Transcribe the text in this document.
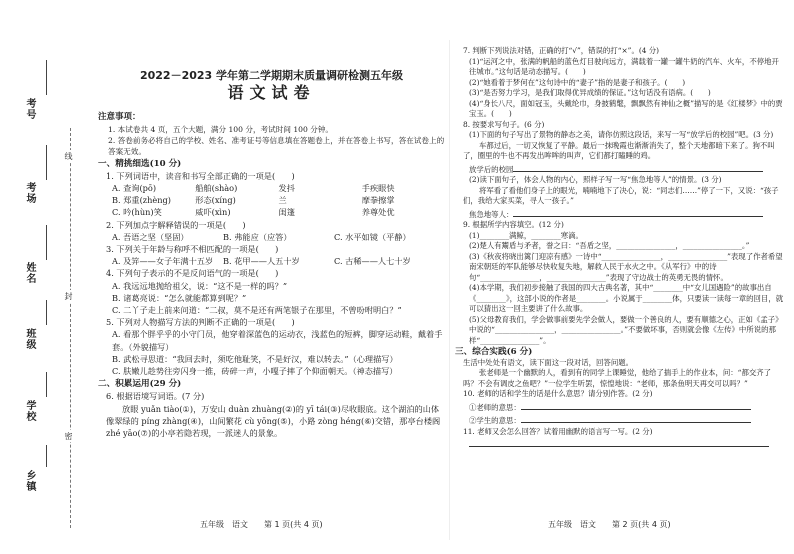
线
封
密
考号
考场
姓名
班级
学校
乡镇
2022－2023 学年第二学期期末质量调研检测五年级
语文试卷
注意事项：
1. 本试卷共 4 页，五个大题，满分 100 分，考试时间 100 分钟。
2. 答卷前务必将自己的学校、姓名、准考证号等信息填在答题卷上，并在答卷上书写，答在试卷上的答案无效。
一、精挑细选(10 分)
1. 下列词语中，读音和书写全部正确的一项是(　　)
A. 查询(pō)	船舶(shào)	发抖	手疾眼快
B. 郑重(zhèng)	形态(xíng)	兰	摩拳擦掌
C. 吟(hùn)笑	威吓(xìn)	闺篷	养尊处优
2. 下列加点字解释错误的一项是(　　)
A. 吾语之坚（坚固）	B. 弗能应（应答）	C. 水平如镜（平静）
3. 下列关于年龄与称呼不相匹配的一项是(　　)
A. 及笄——女子年满十五岁	B. 花甲——人五十岁	C. 古稀——人七十岁
4. 下列句子表示的不是反问语气的一项是(　　)
A. 我远远地抛给祖父，说：“这不是一样的吗？”
B. 诸葛亮说：“怎么就能都算到呢？”
C. 二丫子走上前来问道：“二叔，莫不是还有两笔银子在那里，不曾吩咐明白？”
5. 下列对人物描写方法的判断不正确的一项是(　　)
A. 看那个胖乎乎的小守门员，他穿着深蓝色的运动衣，浅蓝色的短裤，脚穿运动鞋，戴着手套。（外貌描写）
B. 武松寻思道：“我回去时，须吃他耻笑，不是好汉，难以转去。”（心理描写）
C. 肤嫩儿趁势往旁闪身一推，砖碎一声，小嘎子摔了个仰面朝天。（神态描写）
二、积累运用(29 分)
6. 根据语境写词语。(7 分)
放眼 yuǎn tiào(①)，万安山 duàn zhuàng(②)的 yī tái(③)尽收眼底。这个湖泊的山体像翠绿的 píng zhàng(④)，山间繁花 cù yōng(⑤)，小路 zòng héng(⑥)交错，那亭台楼阁 zhé yāo(⑦)的小亭若隐若现，一派迷人的景象。
五年级　语文　　第 1 页(共 4 页)
7. 判断下列说法对错，正确的打“√”，错误的打“×”。(4 分)
(1)“运河之中，张满的帆船的蓝色灯目驶向远方，满载着一罐一罐牛奶的汽车、火车，不停地开往城市。”这句话是动态描写。(　　)
(2)“她看着于梦何在”这句诗中的“妻子”指的是妻子和孩子。(　　)
(3)“是否努力学习，是我们取得优异成绩的保证。”这句话没有语病。(　　)
(4)“身长八尺，面如冠玉，头戴纶巾，身披鹤氅，飘飘然有神仙之概”描写的是《红楼梦》中的贾宝玉。(　　)
8. 按要求写句子。(6 分)
(1)下面的句子写出了景物的静态之美，请你仿照这段话，来写一写“放学后的校园”吧。(3 分)
车都过后，一切又恢复了平静。最后一抹晚霞也渐渐消失了，整个天地都暗下来了。狗不叫了，圈里的牛也不再发出哞哞的叫声，它们都打瞌睡的鸡。
放学后的校园
(2)读下面句子，体会人物的内心，照样子写一写“焦急地等人”的情景。(3 分)
将军看了看他们身子上的眼光，喃喃地下了决心，说：“同志们……”停了一下，又说：“孩子们，我给大家买菜，寻人一孩子。”
焦急地等人：
9. 根据所学内容填空。(12 分)
(1)________满鲸，________寒滴。
(2)楚人有鬻盾与矛者，誉之曰：“吾盾之坚，________________，________________。”
(3)《秋夜将晓出篱门迎凉有感》一诗中“________________，________________”表现了作者希望南宋朝廷的军队能够尽快收复失地，解救人民于水火之中。《从军行》中的诗句“________________，________________”表现了守边战士的英勇无畏的情怀。
(4)本学期，我们初步接触了我国的四大古典名著，其中“________中“女儿国遇险”的故事出自《________》，这部小说的作者是________。小说属于________体，只要读一读每一章的回目，就可以猜出这一回主要讲了什么故事。
(5)父母教育我们，学会做事前要先学会做人，要做一个善良的人，要有顺德之心，正如《孟子》中说的“________________，________________。”不要做坏事，否则就会像《左传》中所说的那样“________________”。
三、综合实践(6 分)
生活中处处有语文，读下面这一段对话，回答问题。
张老师是一个幽默的人，看到有的同学上课睡觉，他给了揣手上的作业本，问：“都交齐了吗？不会有调皮之鱼吧？”一位学生听罢，惊惶地说：“老师，那条鱼明天再交可以吗？”
10. 老师的话和学生的话是什么意思？请分别作答。(2 分)
①老师的意思：
②学生的意思：
11. 老师又会怎么回答？试着用幽默的语言写一写。(2 分)
五年级　语文　　第 2 页(共 4 页)
